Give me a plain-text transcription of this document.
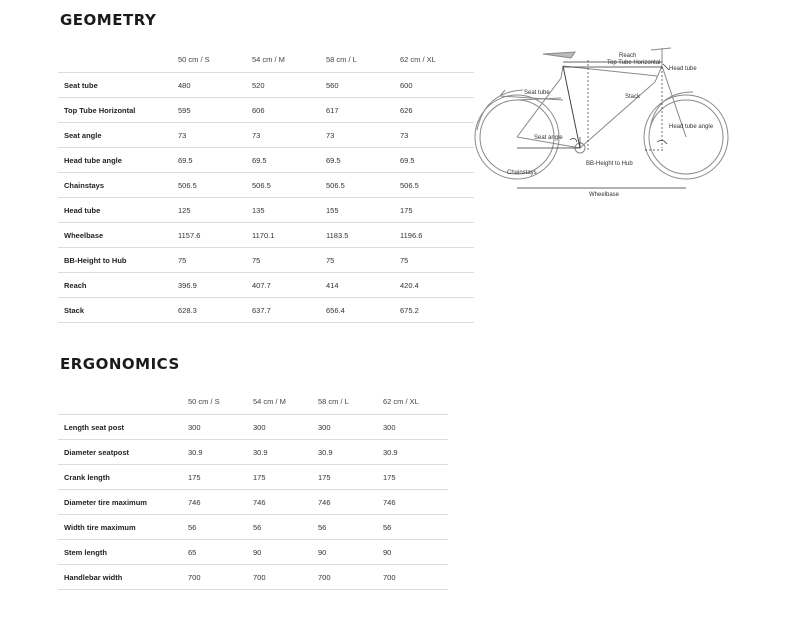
GEOMETRY
	50 cm / S	54 cm / M	58 cm / L	62 cm / XL
Seat tube	480	520	560	600
Top Tube Horizontal	595	606	617	626
Seat angle	73	73	73	73
Head tube angle	69.5	69.5	69.5	69.5
Chainstays	506.5	506.5	506.5	506.5
Head tube	125	135	155	175
Wheelbase	1157.6	1170.1	1183.5	1196.6
BB-Height to Hub	75	75	75	75
Reach	396.9	407.7	414	420.4
Stack	628.3	637.7	656.4	675.2
Reach
Top Tube Horizontal
Head tube
Seat tube
Stack
Head tube angle
Seat angle
BB-Height to Hub
Chainstays
Wheelbase
ERGONOMICS
	50 cm / S	54 cm / M	58 cm / L	62 cm / XL
Length seat post	300	300	300	300
Diameter seatpost	30.9	30.9	30.9	30.9
Crank length	175	175	175	175
Diameter tire maximum	746	746	746	746
Width tire maximum	56	56	56	56
Stem length	65	90	90	90
Handlebar width	700	700	700	700
